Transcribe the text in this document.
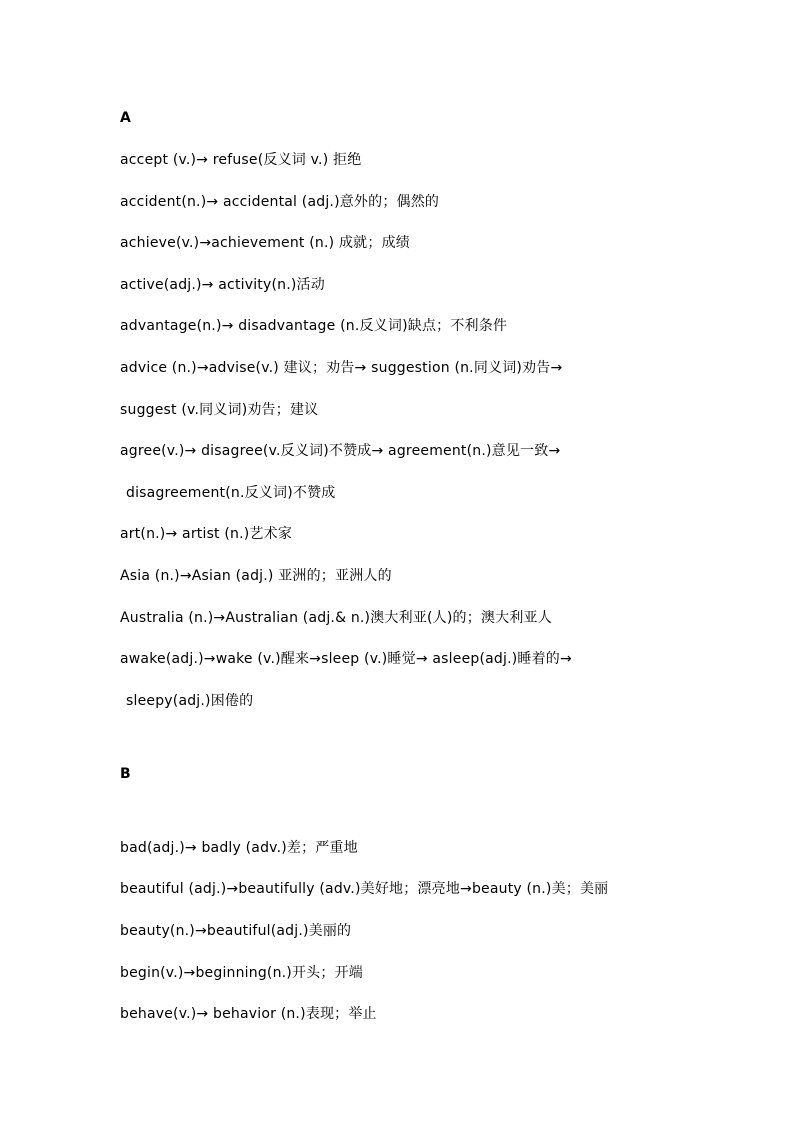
A
accept (v.)→ refuse(反义词 v.) 拒绝
accident(n.)→ accidental (adj.)意外的；偶然的
achieve(v.)→achievement (n.) 成就；成绩
active(adj.)→ activity(n.)活动
advantage(n.)→ disadvantage (n.反义词)缺点；不利条件
advice (n.)→advise(v.) 建议；劝告→ suggestion (n.同义词)劝告→
suggest (v.同义词)劝告；建议
agree(v.)→ disagree(v.反义词)不赞成→ agreement(n.)意见一致→
disagreement(n.反义词)不赞成
art(n.)→ artist (n.)艺术家
Asia (n.)→Asian (adj.) 亚洲的；亚洲人的
Australia (n.)→Australian (adj.& n.)澳大利亚(人)的；澳大利亚人
awake(adj.)→wake (v.)醒来→sleep (v.)睡觉→ asleep(adj.)睡着的→
sleepy(adj.)困倦的
B
bad(adj.)→ badly (adv.)差；严重地
beautiful (adj.)→beautifully (adv.)美好地；漂亮地→beauty (n.)美；美丽
beauty(n.)→beautiful(adj.)美丽的
begin(v.)→beginning(n.)开头；开端
behave(v.)→ behavior (n.)表现；举止
